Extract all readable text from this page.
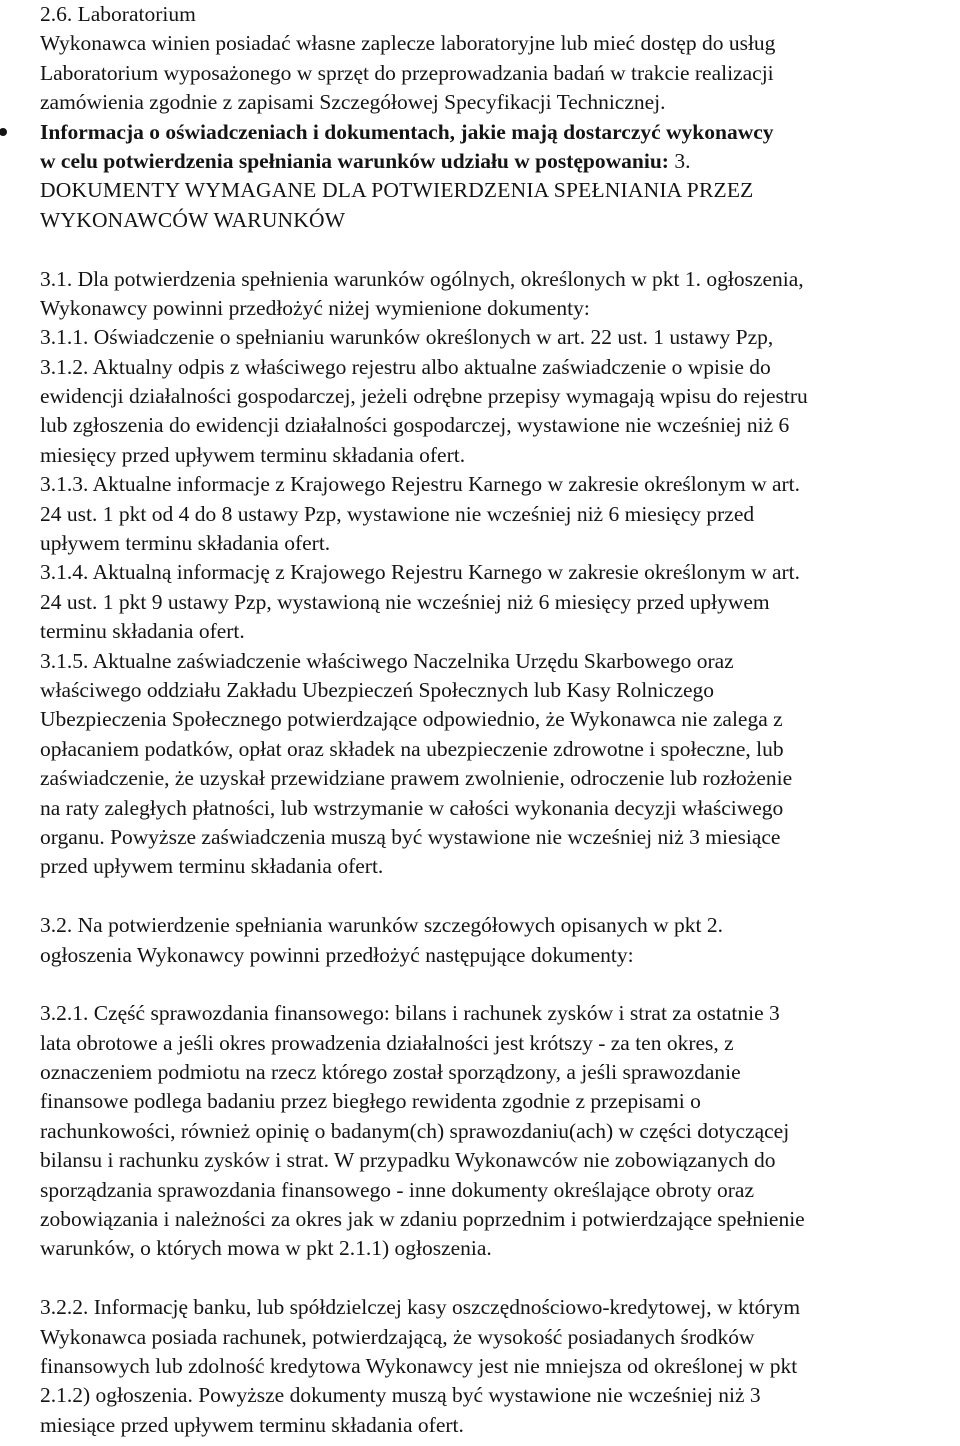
2.6. Laboratorium
Wykonawca winien posiadać własne zaplecze laboratoryjne lub mieć dostęp do usług
Laboratorium wyposażonego w sprzęt do przeprowadzania badań w trakcie realizacji
zamówienia zgodnie z zapisami Szczegółowej Specyfikacji Technicznej.
Informacja o oświadczeniach i dokumentach, jakie mają dostarczyć wykonawcy
w celu potwierdzenia spełniania warunków udziału w postępowaniu: 3.
DOKUMENTY WYMAGANE DLA POTWIERDZENIA SPEŁNIANIA PRZEZ
WYKONAWCÓW WARUNKÓW
3.1. Dla potwierdzenia spełnienia warunków ogólnych, określonych w pkt 1. ogłoszenia,
Wykonawcy powinni przedłożyć niżej wymienione dokumenty:
3.1.1. Oświadczenie o spełnianiu warunków określonych w art. 22 ust. 1 ustawy Pzp,
3.1.2. Aktualny odpis z właściwego rejestru albo aktualne zaświadczenie o wpisie do
ewidencji działalności gospodarczej, jeżeli odrębne przepisy wymagają wpisu do rejestru
lub zgłoszenia do ewidencji działalności gospodarczej, wystawione nie wcześniej niż 6
miesięcy przed upływem terminu składania ofert.
3.1.3. Aktualne informacje z Krajowego Rejestru Karnego w zakresie określonym w art.
24 ust. 1 pkt od 4 do 8 ustawy Pzp, wystawione nie wcześniej niż 6 miesięcy przed
upływem terminu składania ofert.
3.1.4. Aktualną informację z Krajowego Rejestru Karnego w zakresie określonym w art.
24 ust. 1 pkt 9 ustawy Pzp, wystawioną nie wcześniej niż 6 miesięcy przed upływem
terminu składania ofert.
3.1.5. Aktualne zaświadczenie właściwego Naczelnika Urzędu Skarbowego oraz
właściwego oddziału Zakładu Ubezpieczeń Społecznych lub Kasy Rolniczego
Ubezpieczenia Społecznego potwierdzające odpowiednio, że Wykonawca nie zalega z
opłacaniem podatków, opłat oraz składek na ubezpieczenie zdrowotne i społeczne, lub
zaświadczenie, że uzyskał przewidziane prawem zwolnienie, odroczenie lub rozłożenie
na raty zaległych płatności, lub wstrzymanie w całości wykonania decyzji właściwego
organu. Powyższe zaświadczenia muszą być wystawione nie wcześniej niż 3 miesiące
przed upływem terminu składania ofert.
3.2. Na potwierdzenie spełniania warunków szczegółowych opisanych w pkt 2.
ogłoszenia Wykonawcy powinni przedłożyć następujące dokumenty:
3.2.1. Część sprawozdania finansowego: bilans i rachunek zysków i strat za ostatnie 3
lata obrotowe a jeśli okres prowadzenia działalności jest krótszy - za ten okres, z
oznaczeniem podmiotu na rzecz którego został sporządzony, a jeśli sprawozdanie
finansowe podlega badaniu przez biegłego rewidenta zgodnie z przepisami o
rachunkowości, również opinię o badanym(ch) sprawozdaniu(ach) w części dotyczącej
bilansu i rachunku zysków i strat. W przypadku Wykonawców nie zobowiązanych do
sporządzania sprawozdania finansowego - inne dokumenty określające obroty oraz
zobowiązania i należności za okres jak w zdaniu poprzednim i potwierdzające spełnienie
warunków, o których mowa w pkt 2.1.1) ogłoszenia.
3.2.2. Informację banku, lub spółdzielczej kasy oszczędnościowo-kredytowej, w którym
Wykonawca posiada rachunek, potwierdzającą, że wysokość posiadanych środków
finansowych lub zdolność kredytowa Wykonawcy jest nie mniejsza od określonej w pkt
2.1.2) ogłoszenia. Powyższe dokumenty muszą być wystawione nie wcześniej niż 3
miesiące przed upływem terminu składania ofert.
